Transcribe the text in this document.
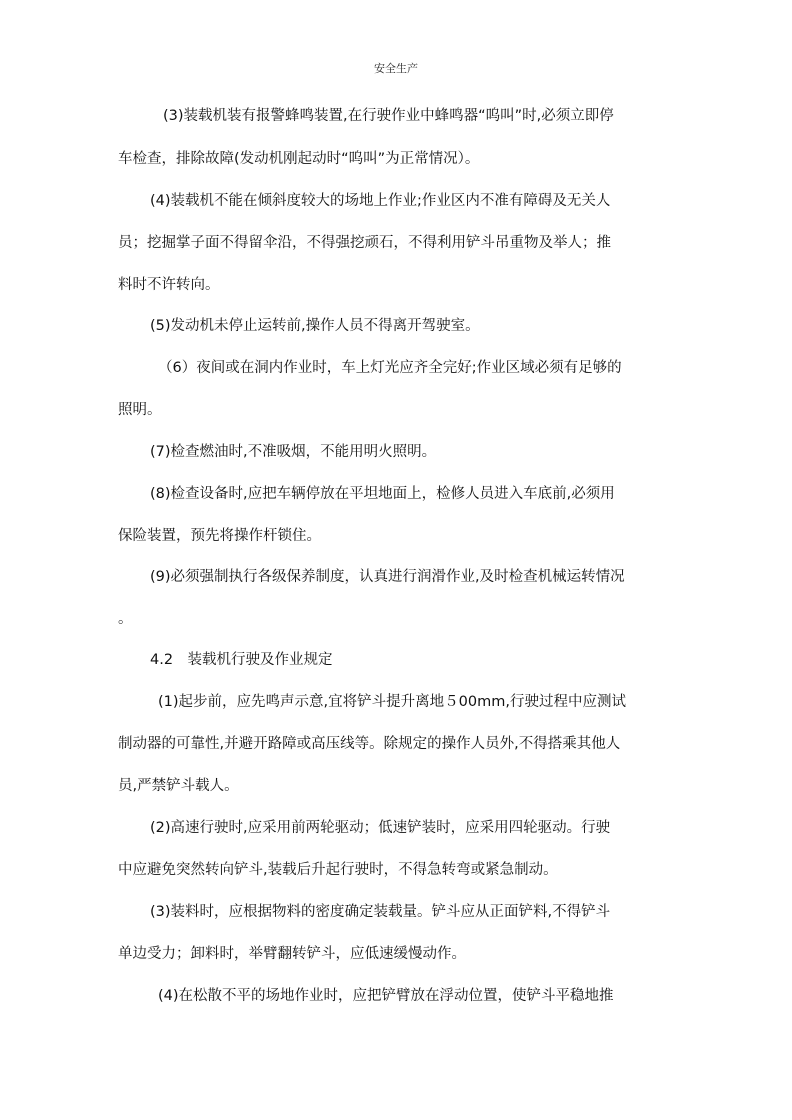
安全生产
(3)装载机装有报警蜂鸣装置,在行驶作业中蜂鸣器“呜叫”时,必须立即停
车检查，排除故障(发动机刚起动时“呜叫”为正常情况）。
(4)装载机不能在倾斜度较大的场地上作业;作业区内不准有障碍及无关人
员；挖掘掌子面不得留伞沿，不得强挖顽石，不得利用铲斗吊重物及举人；推
料时不许转向。
(5)发动机未停止运转前,操作人员不得离开驾驶室。
（6）夜间或在洞内作业时，车上灯光应齐全完好;作业区域必须有足够的
照明。
(7)检查燃油时,不准吸烟，不能用明火照明。
(8)检查设备时,应把车辆停放在平坦地面上，检修人员进入车底前,必须用
保险装置，预先将操作杆锁住。
(9)必须强制执行各级保养制度，认真进行润滑作业,及时检查机械运转情况
。
4.2　装载机行驶及作业规定
(1)起步前，应先鸣声示意,宜将铲斗提升离地５00mm,行驶过程中应测试
制动器的可靠性,并避开路障或高压线等。除规定的操作人员外,不得搭乘其他人
员,严禁铲斗载人。
(2)高速行驶时,应采用前两轮驱动；低速铲装时，应采用四轮驱动。行驶
中应避免突然转向铲斗,装载后升起行驶时，不得急转弯或紧急制动。
(3)装料时，应根据物料的密度确定装载量。铲斗应从正面铲料,不得铲斗
单边受力；卸料时，举臂翻转铲斗，应低速缓慢动作。
(4)在松散不平的场地作业时，应把铲臂放在浮动位置，使铲斗平稳地推
